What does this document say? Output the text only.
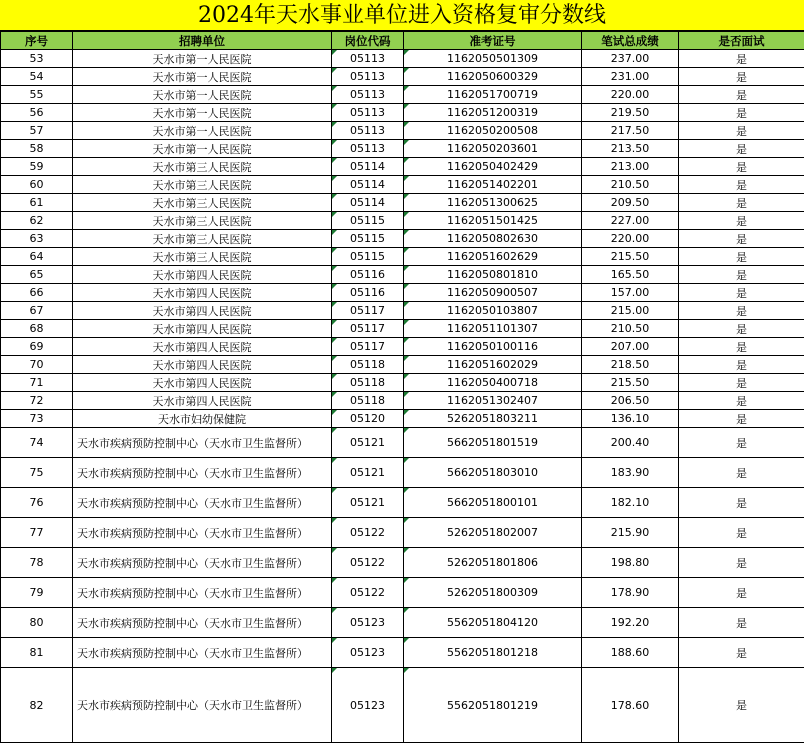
2024年天水事业单位进入资格复审分数线
序号	招聘单位	岗位代码	准考证号	笔试总成绩	是否面试
53	天水市第一人民医院	05113	1162050501309	237.00	是
54	天水市第一人民医院	05113	1162050600329	231.00	是
55	天水市第一人民医院	05113	1162051700719	220.00	是
56	天水市第一人民医院	05113	1162051200319	219.50	是
57	天水市第一人民医院	05113	1162050200508	217.50	是
58	天水市第一人民医院	05113	1162050203601	213.50	是
59	天水市第三人民医院	05114	1162050402429	213.00	是
60	天水市第三人民医院	05114	1162051402201	210.50	是
61	天水市第三人民医院	05114	1162051300625	209.50	是
62	天水市第三人民医院	05115	1162051501425	227.00	是
63	天水市第三人民医院	05115	1162050802630	220.00	是
64	天水市第三人民医院	05115	1162051602629	215.50	是
65	天水市第四人民医院	05116	1162050801810	165.50	是
66	天水市第四人民医院	05116	1162050900507	157.00	是
67	天水市第四人民医院	05117	1162050103807	215.00	是
68	天水市第四人民医院	05117	1162051101307	210.50	是
69	天水市第四人民医院	05117	1162050100116	207.00	是
70	天水市第四人民医院	05118	1162051602029	218.50	是
71	天水市第四人民医院	05118	1162050400718	215.50	是
72	天水市第四人民医院	05118	1162051302407	206.50	是
73	天水市妇幼保健院	05120	5262051803211	136.10	是
74	天水市疾病预防控制中心（天水市卫生监督所）	05121	5662051801519	200.40	是
75	天水市疾病预防控制中心（天水市卫生监督所）	05121	5662051803010	183.90	是
76	天水市疾病预防控制中心（天水市卫生监督所）	05121	5662051800101	182.10	是
77	天水市疾病预防控制中心（天水市卫生监督所）	05122	5262051802007	215.90	是
78	天水市疾病预防控制中心（天水市卫生监督所）	05122	5262051801806	198.80	是
79	天水市疾病预防控制中心（天水市卫生监督所）	05122	5262051800309	178.90	是
80	天水市疾病预防控制中心（天水市卫生监督所）	05123	5562051804120	192.20	是
81	天水市疾病预防控制中心（天水市卫生监督所）	05123	5562051801218	188.60	是
82	天水市疾病预防控制中心（天水市卫生监督所）	05123	5562051801219	178.60	是
